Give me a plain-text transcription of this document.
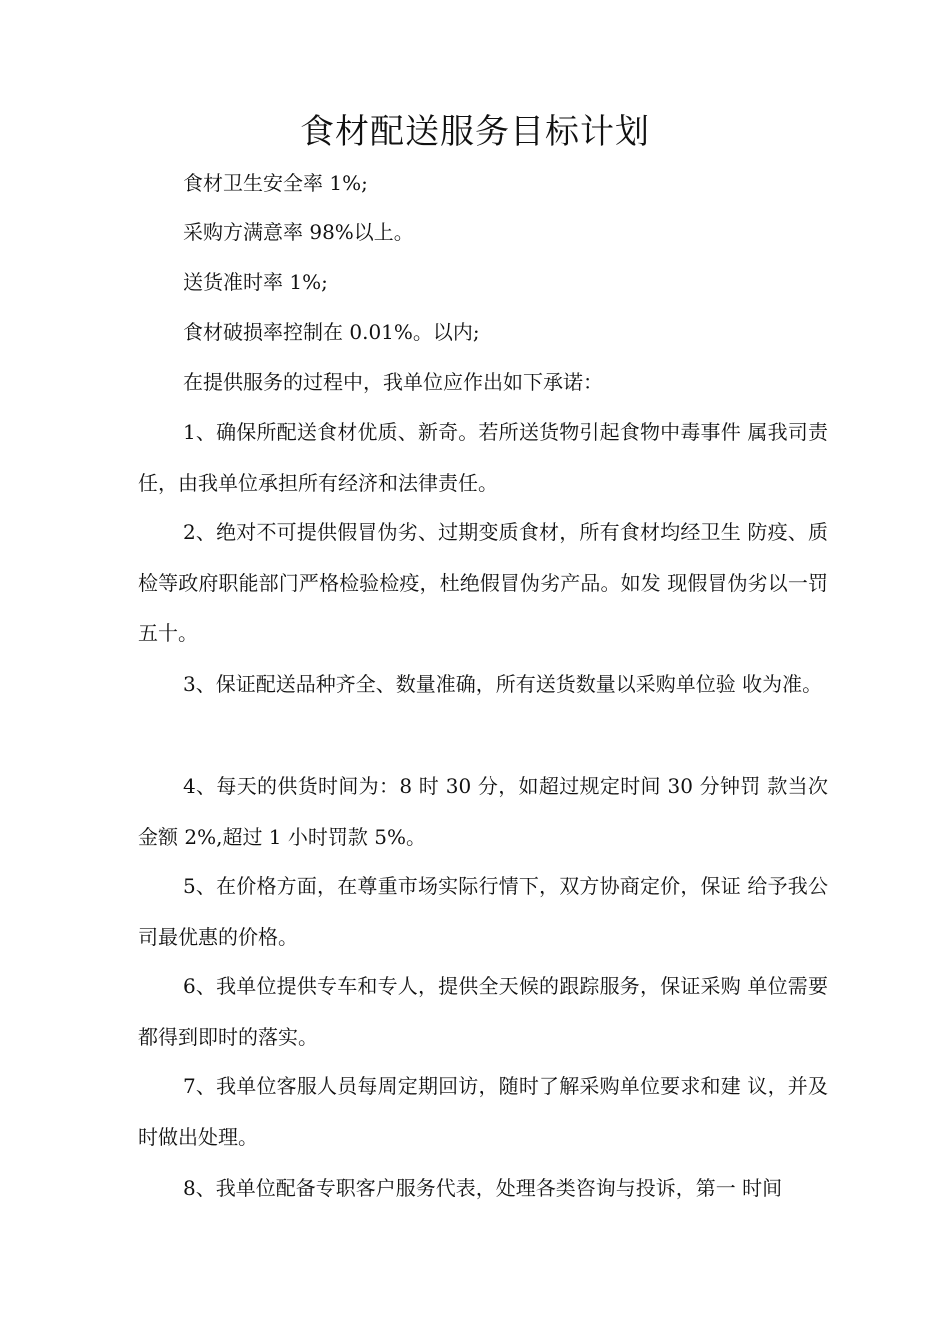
食材配送服务目标计划
食材卫生安全率 1%;
采购方满意率 98%以上。
送货准时率 1%;
食材破损率控制在 0.01%。以内;
在提供服务的过程中，我单位应作出如下承诺：

1、确保所配送食材优质、新奇。若所送货物引起食物中毒事件 属我司责任，由我单位承担所有经济和法律责任。

2、绝对不可提供假冒伪劣、过期变质食材，所有食材均经卫生 防疫、质检等政府职能部门严格检验检疫，杜绝假冒伪劣产品。如发 现假冒伪劣以一罚五十。

3、保证配送品种齐全、数量准确，所有送货数量以采购单位验 收为准。

4、每天的供货时间为：8 时 30 分，如超过规定时间 30 分钟罚 款当次金额 2%,超过 1 小时罚款 5%。

5、在价格方面，在尊重市场实际行情下，双方协商定价，保证 给予我公司最优惠的价格。

6、我单位提供专车和专人，提供全天候的跟踪服务，保证采购 单位需要都得到即时的落实。

7、我单位客服人员每周定期回访，随时了解采购单位要求和建 议，并及时做出处理。

8、我单位配备专职客户服务代表，处理各类咨询与投诉，第一 时间
